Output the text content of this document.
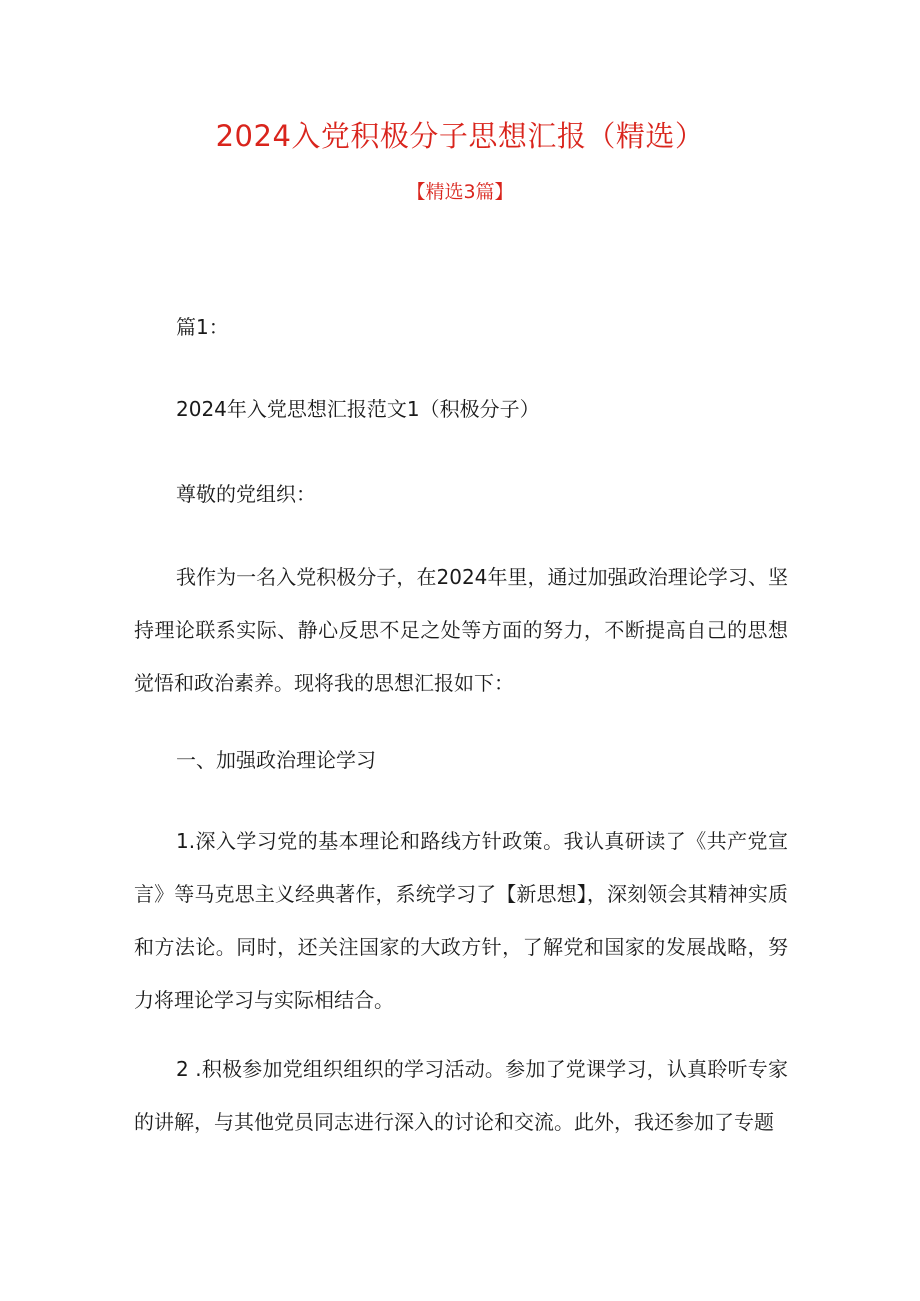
2024入党积极分子思想汇报（精选）
【精选3篇】
篇1：
2024年入党思想汇报范文1（积极分子）
尊敬的党组织：

我作为一名入党积极分子，在2024年里，通过加强政治理论学习、坚持理论联系实际、静心反思不足之处等方面的努力，不断提高自己的思想觉悟和政治素养。现将我的思想汇报如下：

一、加强政治理论学习

1.深入学习党的基本理论和路线方针政策。我认真研读了《共产党宣言》等马克思主义经典著作，系统学习了【新思想】，深刻领会其精神实质和方法论。同时，还关注国家的大政方针，了解党和国家的发展战略，努力将理论学习与实际相结合。

2 .积极参加党组织组织的学习活动。参加了党课学习，认真聆听专家的讲解，与其他党员同志进行深入的讨论和交流。此外，我还参加了专题
